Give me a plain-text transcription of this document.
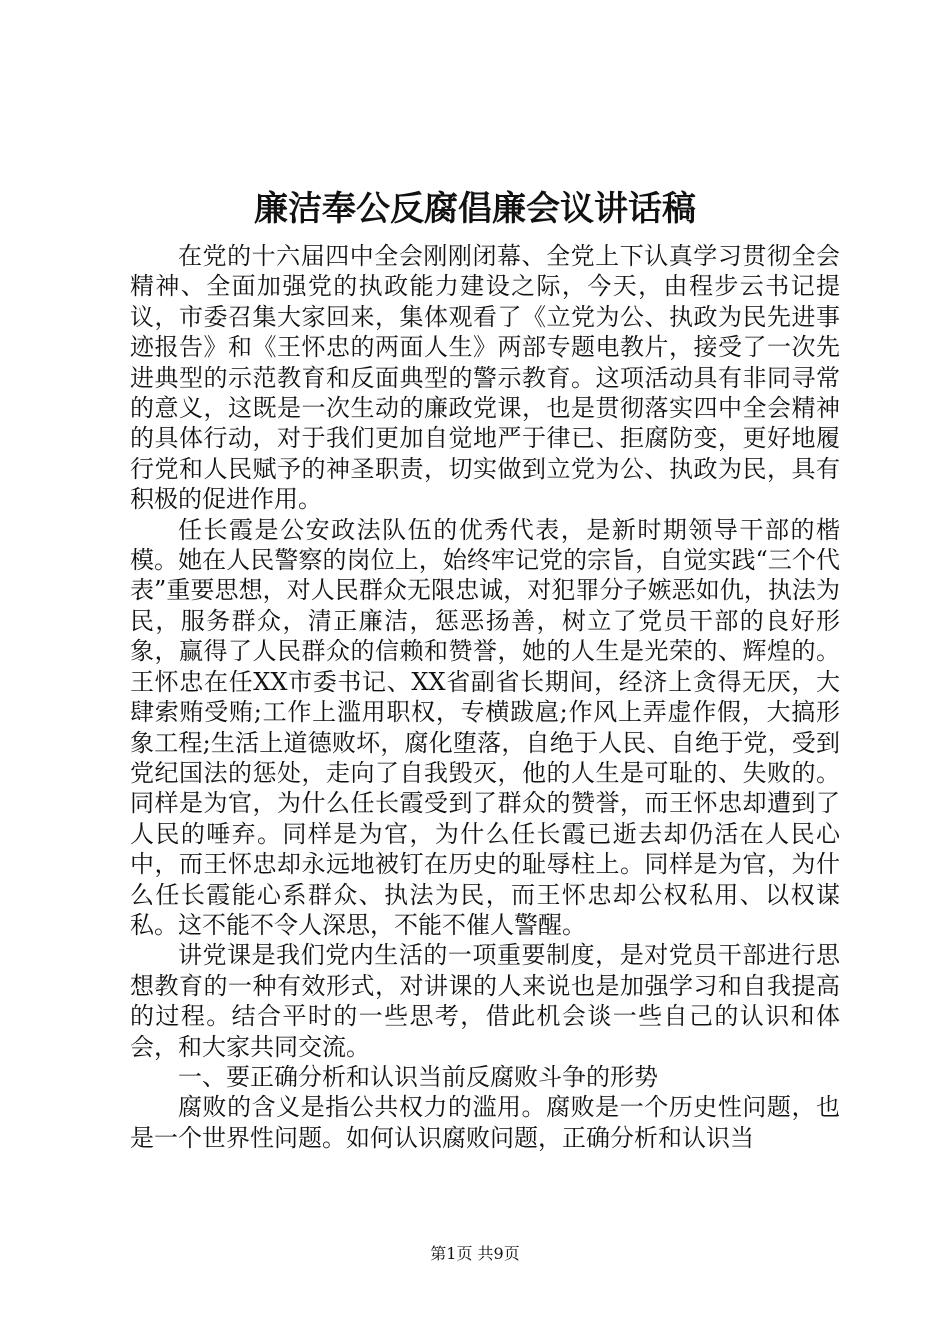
廉洁奉公反腐倡廉会议讲话稿

在党的十六届四中全会刚刚闭幕、全党上下认真学习贯彻全会精神、全面加强党的执政能力建设之际，今天，由程步云书记提议，市委召集大家回来，集体观看了《立党为公、执政为民先进事迹报告》和《王怀忠的两面人生》两部专题电教片，接受了一次先进典型的示范教育和反面典型的警示教育。这项活动具有非同寻常的意义，这既是一次生动的廉政党课，也是贯彻落实四中全会精神的具体行动，对于我们更加自觉地严于律已、拒腐防变，更好地履行党和人民赋予的神圣职责，切实做到立党为公、执政为民，具有积极的促进作用。

任长霞是公安政法队伍的优秀代表，是新时期领导干部的楷模。她在人民警察的岗位上，始终牢记党的宗旨，自觉实践“三个代表”重要思想，对人民群众无限忠诚，对犯罪分子嫉恶如仇，执法为民，服务群众，清正廉洁，惩恶扬善，树立了党员干部的良好形象，赢得了人民群众的信赖和赞誉，她的人生是光荣的、辉煌的。王怀忠在任XX市委书记、XX省副省长期间，经济上贪得无厌，大肆索贿受贿;工作上滥用职权，专横跋扈;作风上弄虚作假，大搞形象工程;生活上道德败坏，腐化堕落，自绝于人民、自绝于党，受到党纪国法的惩处，走向了自我毁灭，他的人生是可耻的、失败的。同样是为官，为什么任长霞受到了群众的赞誉，而王怀忠却遭到了人民的唾弃。同样是为官，为什么任长霞已逝去却仍活在人民心中，而王怀忠却永远地被钉在历史的耻辱柱上。同样是为官，为什么任长霞能心系群众、执法为民，而王怀忠却公权私用、以权谋私。这不能不令人深思，不能不催人警醒。

讲党课是我们党内生活的一项重要制度，是对党员干部进行思想教育的一种有效形式，对讲课的人来说也是加强学习和自我提高的过程。结合平时的一些思考，借此机会谈一些自己的认识和体会，和大家共同交流。

一、要正确分析和认识当前反腐败斗争的形势

腐败的含义是指公共权力的滥用。腐败是一个历史性问题，也是一个世界性问题。如何认识腐败问题，正确分析和认识当

第1页 共9页
